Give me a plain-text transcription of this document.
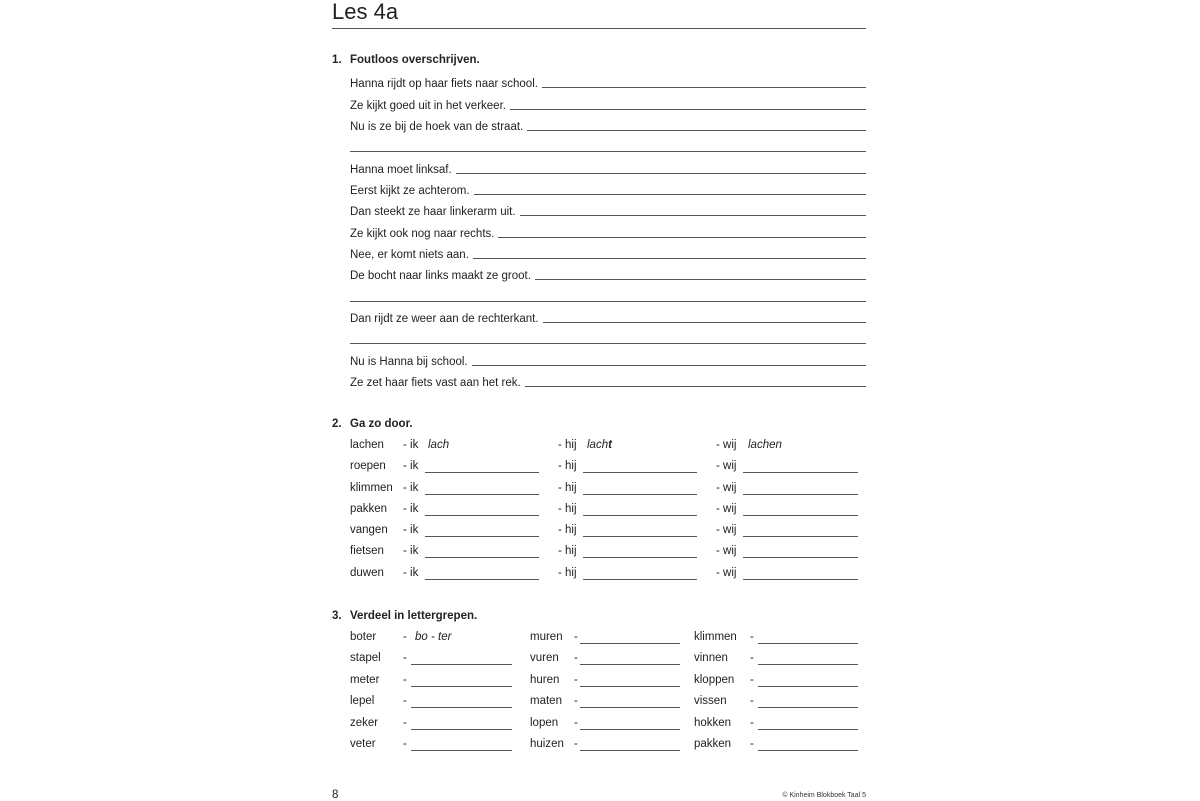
Les 4a
1. Foutloos overschrijven.
Hanna rijdt op haar fiets naar school.
Ze kijkt goed uit in het verkeer.
Nu is ze bij de hoek van de straat.
Hanna moet linksaf.
Eerst kijkt ze achterom.
Dan steekt ze haar linkerarm uit.
Ze kijkt ook nog naar rechts.
Nee, er komt niets aan.
De bocht naar links maakt ze groot.
Dan rijdt ze weer aan de rechterkant.
Nu is Hanna bij school.
Ze zet haar fiets vast aan het rek.
2. Ga zo door.
lachen - ik lach	- hij lacht	- wij lachen
roepen - ik	- hij	- wij
klimmen - ik	- hij	- wij
pakken - ik	- hij	- wij
vangen - ik	- hij	- wij
fietsen - ik	- hij	- wij
duwen - ik	- hij	- wij
3. Verdeel in lettergrepen.
boter - bo - ter	muren -	klimmen -
stapel -	vuren -	vinnen -
meter -	huren -	kloppen -
lepel -	maten -	vissen -
zeker -	lopen -	hokken -
veter -	huizen -	pakken -
8	© Kinheim Blokboek Taal 5
